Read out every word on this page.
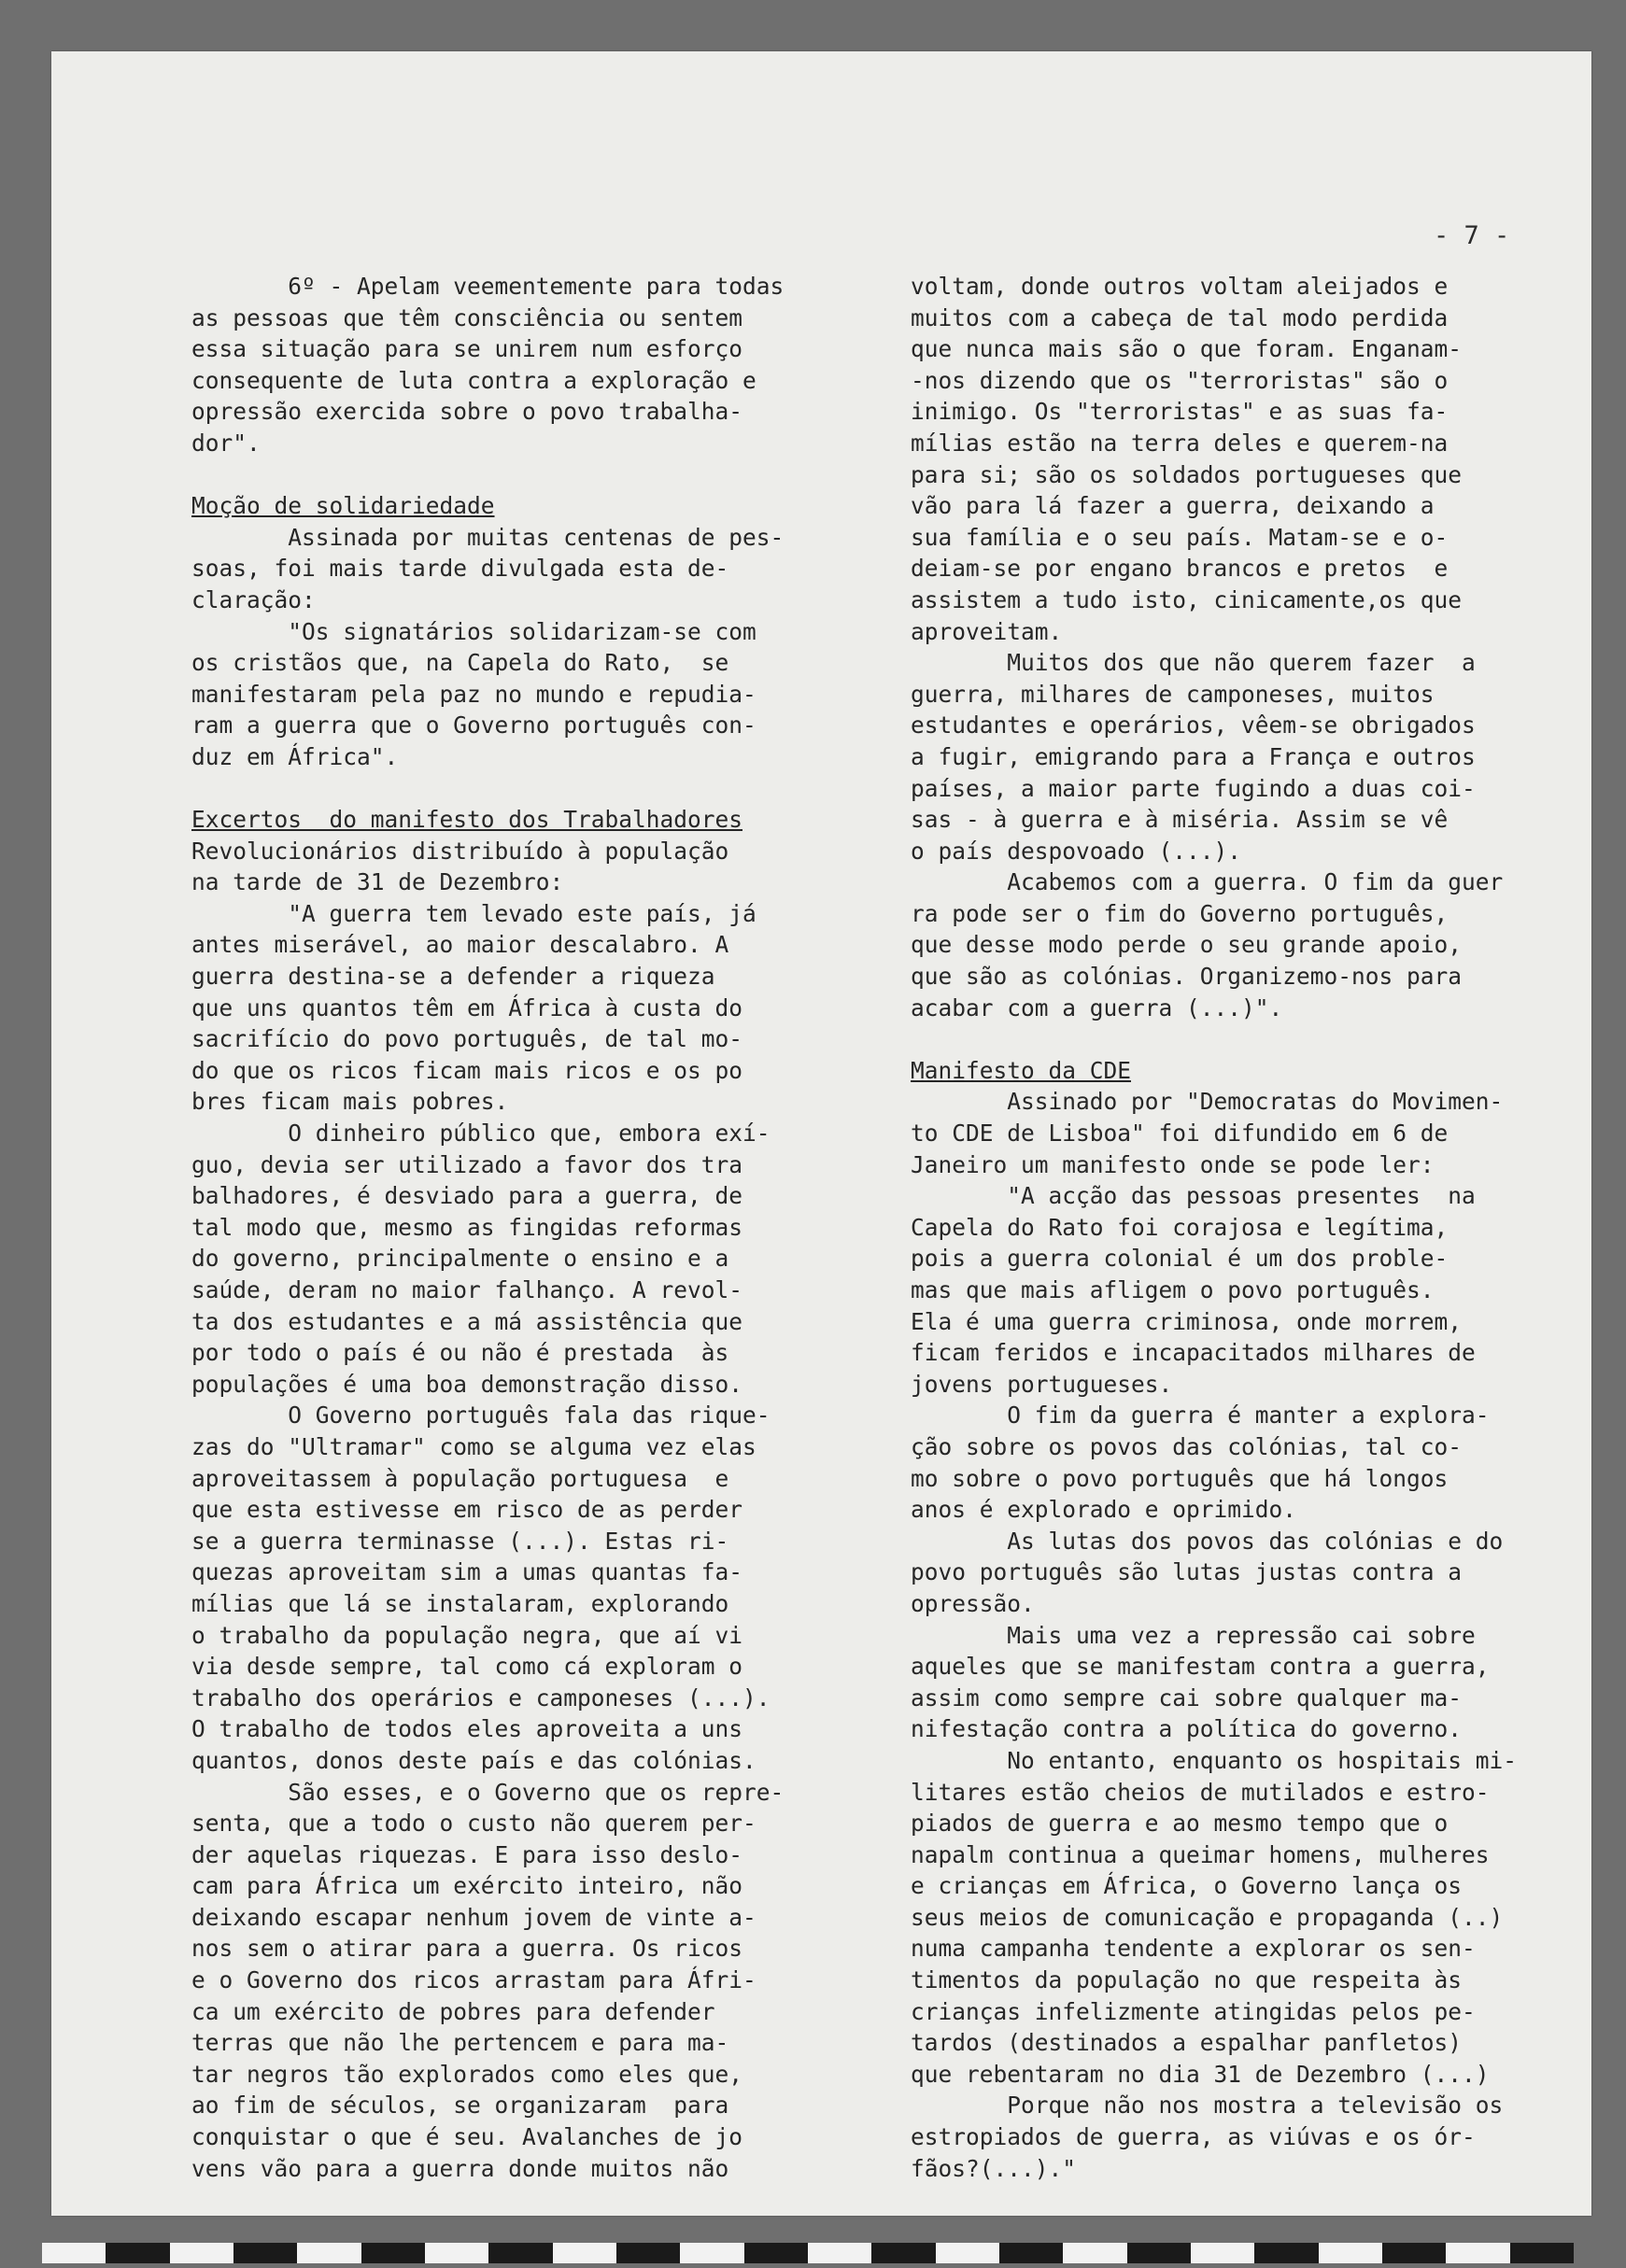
- 7 -

6º - Apelam veementemente para todas

as pessoas que têm consciência ou sentem

essa situação para se unirem num esforço

consequente de luta contra a exploração e

opressão exercida sobre o povo trabalha-

dor".

Moção de solidariedade

Assinada por muitas centenas de pes-

soas, foi mais tarde divulgada esta de-

claração:

"Os signatários solidarizam-se com

os cristãos que, na Capela do Rato,  se

manifestaram pela paz no mundo e repudia-

ram a guerra que o Governo português con-

duz em África".

Excertos  do manifesto dos Trabalhadores

Revolucionários distribuído à população

na tarde de 31 de Dezembro:

"A guerra tem levado este país, já

antes miserável, ao maior descalabro. A

guerra destina-se a defender a riqueza

que uns quantos têm em África à custa do

sacrifício do povo português, de tal mo-

do que os ricos ficam mais ricos e os po

bres ficam mais pobres.

O dinheiro público que, embora exí-

guo, devia ser utilizado a favor dos tra

balhadores, é desviado para a guerra, de

tal modo que, mesmo as fingidas reformas

do governo, principalmente o ensino e a

saúde, deram no maior falhanço. A revol-

ta dos estudantes e a má assistência que

por todo o país é ou não é prestada  às

populações é uma boa demonstração disso.

O Governo português fala das rique-

zas do "Ultramar" como se alguma vez elas

aproveitassem à população portuguesa  e

que esta estivesse em risco de as perder

se a guerra terminasse (...). Estas ri-

quezas aproveitam sim a umas quantas fa-

mílias que lá se instalaram, explorando

o trabalho da população negra, que aí vi

via desde sempre, tal como cá exploram o

trabalho dos operários e camponeses (...).

O trabalho de todos eles aproveita a uns

quantos, donos deste país e das colónias.

São esses, e o Governo que os repre-

senta, que a todo o custo não querem per-

der aquelas riquezas. E para isso deslo-

cam para África um exército inteiro, não

deixando escapar nenhum jovem de vinte a-

nos sem o atirar para a guerra. Os ricos

e o Governo dos ricos arrastam para Áfri-

ca um exército de pobres para defender

terras que não lhe pertencem e para ma-

tar negros tão explorados como eles que,

ao fim de séculos, se organizaram  para

conquistar o que é seu. Avalanches de jo

vens vão para a guerra donde muitos não

voltam, donde outros voltam aleijados e

muitos com a cabeça de tal modo perdida

que nunca mais são o que foram. Enganam-

-nos dizendo que os "terroristas" são o

inimigo. Os "terroristas" e as suas fa-

mílias estão na terra deles e querem-na

para si; são os soldados portugueses que

vão para lá fazer a guerra, deixando a

sua família e o seu país. Matam-se e o-

deiam-se por engano brancos e pretos  e

assistem a tudo isto, cinicamente,os que

aproveitam.

Muitos dos que não querem fazer  a

guerra, milhares de camponeses, muitos

estudantes e operários, vêem-se obrigados

a fugir, emigrando para a França e outros

países, a maior parte fugindo a duas coi-

sas - à guerra e à miséria. Assim se vê

o país despovoado (...).

Acabemos com a guerra. O fim da guer

ra pode ser o fim do Governo português,

que desse modo perde o seu grande apoio,

que são as colónias. Organizemo-nos para

acabar com a guerra (...)".

Manifesto da CDE

Assinado por "Democratas do Movimen-

to CDE de Lisboa" foi difundido em 6 de

Janeiro um manifesto onde se pode ler:

"A acção das pessoas presentes  na

Capela do Rato foi corajosa e legítima,

pois a guerra colonial é um dos proble-

mas que mais afligem o povo português.

Ela é uma guerra criminosa, onde morrem,

ficam feridos e incapacitados milhares de

jovens portugueses.

O fim da guerra é manter a explora-

ção sobre os povos das colónias, tal co-

mo sobre o povo português que há longos

anos é explorado e oprimido.

As lutas dos povos das colónias e do

povo português são lutas justas contra a

opressão.

Mais uma vez a repressão cai sobre

aqueles que se manifestam contra a guerra,

assim como sempre cai sobre qualquer ma-

nifestação contra a política do governo.

No entanto, enquanto os hospitais mi-

litares estão cheios de mutilados e estro-

piados de guerra e ao mesmo tempo que o

napalm continua a queimar homens, mulheres

e crianças em África, o Governo lança os

seus meios de comunicação e propaganda (..)

numa campanha tendente a explorar os sen-

timentos da população no que respeita às

crianças infelizmente atingidas pelos pe-

tardos (destinados a espalhar panfletos)

que rebentaram no dia 31 de Dezembro (...)

Porque não nos mostra a televisão os

estropiados de guerra, as viúvas e os ór-

fãos?(...)."
